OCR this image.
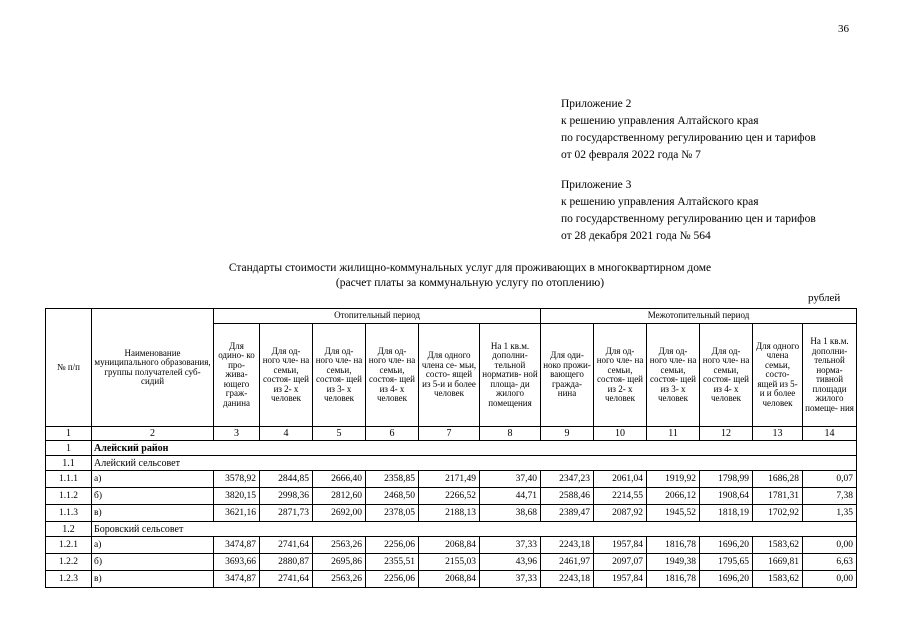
36
Приложение 2
к решению управления Алтайского края
по государственному регулированию цен и тарифов
от 02 февраля 2022 года № 7
Приложение 3
к решению управления Алтайского края
по государственному регулированию цен и тарифов
от 28 декабря 2021 года № 564
Стандарты стоимости жилищно-коммунальных услуг для проживающих в многоквартирном доме
(расчет платы за коммунальную услугу по отоплению)
рублей
№ п/п	Наименование муниципального образования, группы получателей суб- сидий	Отопительный период						Межотопительный период					
		Для одино- ко про- жива- ющего граж- данина	Для од- ного чле- на семьи, состоя- щей из 2- х человек	Для од- ного чле- на семьи, состоя- щей из 3- х человек	Для од- ного чле- на семьи, состоя- щей из 4- х человек	Для одного члена се- мьи, состо- ящей из 5-и и более человек	На 1 кв.м. дополни- тельной норматив- ной площа- ди жилого помещения	Для оди- ноко прожи- вающего гражда- нина	Для од- ного чле- на семьи, состоя- щей из 2- х человек	Для од- ного чле- на семьи, состоя- щей из 3- х человек	Для од- ного чле- на семьи, состоя- щей из 4- х человек	Для одного члена семьи, состо- ящей из 5-и и более человек	На 1 кв.м. дополни- тельной норма- тивной площади жилого помеще- ния
1	2	3	4	5	6	7	8	9	10	11	12	13	14
1	Алейский район												
1.1	Алейский сельсовет												
1.1.1	а)	3578,92	2844,85	2666,40	2358,85	2171,49	37,40	2347,23	2061,04	1919,92	1798,99	1686,28	0,07
1.1.2	б)	3820,15	2998,36	2812,60	2468,50	2266,52	44,71	2588,46	2214,55	2066,12	1908,64	1781,31	7,38
1.1.3	в)	3621,16	2871,73	2692,00	2378,05	2188,13	38,68	2389,47	2087,92	1945,52	1818,19	1702,92	1,35
1.2	Боровский сельсовет												
1.2.1	а)	3474,87	2741,64	2563,26	2256,06	2068,84	37,33	2243,18	1957,84	1816,78	1696,20	1583,62	0,00
1.2.2	б)	3693,66	2880,87	2695,86	2355,51	2155,03	43,96	2461,97	2097,07	1949,38	1795,65	1669,81	6,63
1.2.3	в)	3474,87	2741,64	2563,26	2256,06	2068,84	37,33	2243,18	1957,84	1816,78	1696,20	1583,62	0,00
